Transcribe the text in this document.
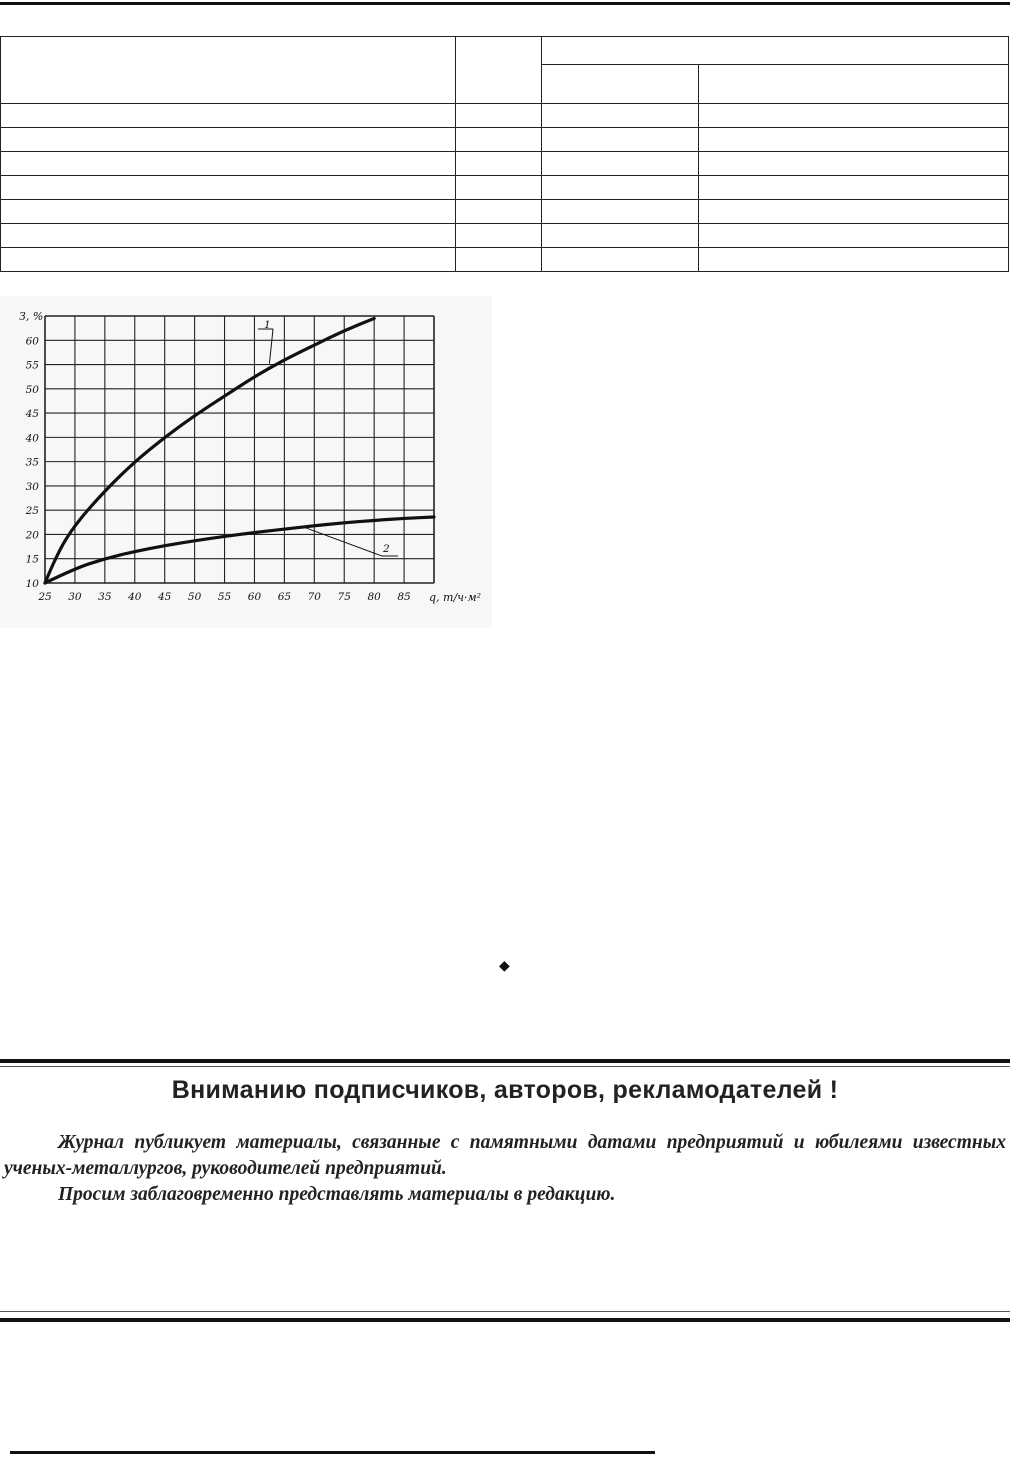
25 30 35 40 45 50 55 60 65 70 75 80 85
10
15
20
25
30
35
40
45
50
55
60
1
2
З, %
q, т/ч·м²
◆
Вниманию подписчиков, авторов, рекламодателей !

Журнал публикует материалы, связанные с памятными датами предприятий и юбилеями известных ученых-металлургов, руководителей предприятий.

Просим заблаговременно представлять материалы в редакцию.
